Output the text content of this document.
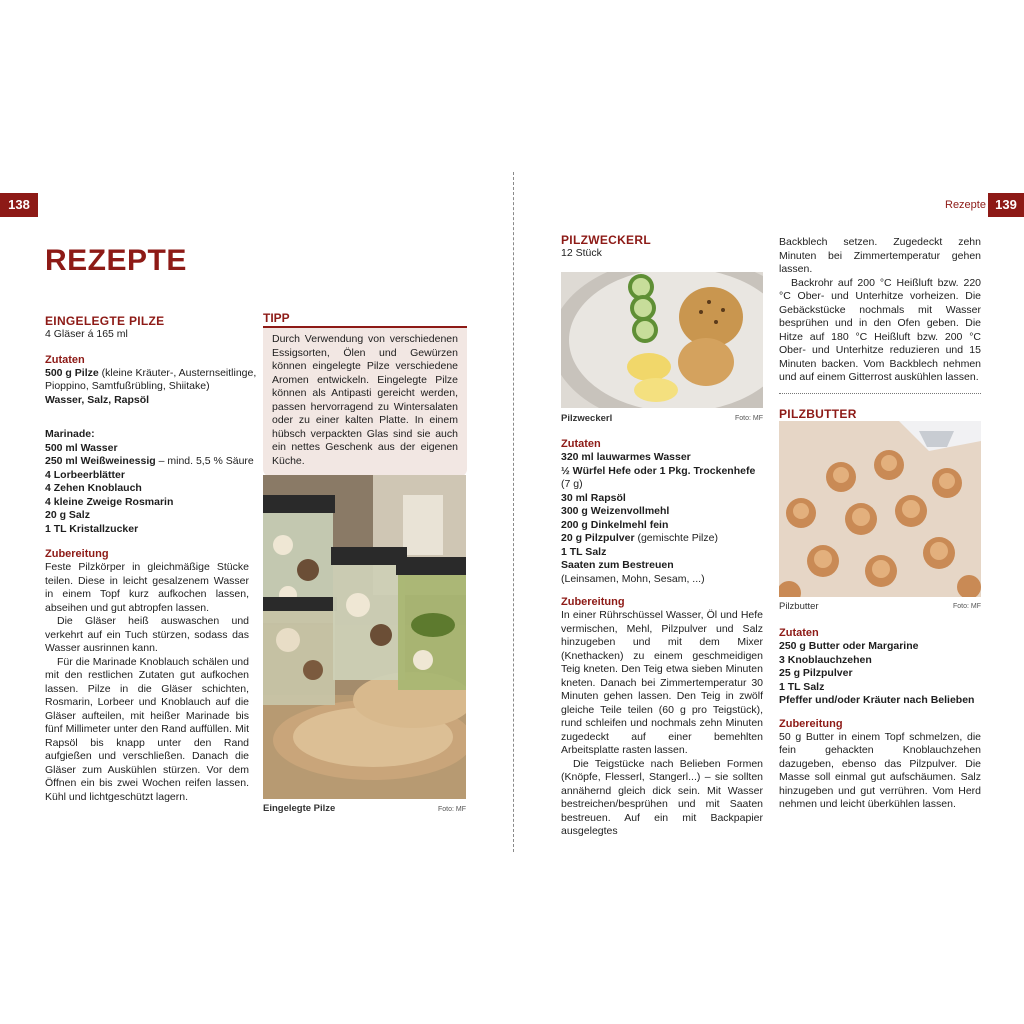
138	139
Rezepte
REZEPTE
EINGELEGTE PILZE

4 Gläser á 165 ml

Zutaten

500 g Pilze (kleine Kräuter-, Austernseitlinge,
Pioppino, Samtfußrübling, Shiitake)
Wasser, Salz, Rapsöl
Marinade:
500 ml Wasser
250 ml Weißweinessig – mind. 5,5 % Säure
4 Lorbeerblätter
4 Zehen Knoblauch
4 kleine Zweige Rosmarin
20 g Salz
1 TL Kristallzucker

Zubereitung

Feste Pilzkörper in gleichmäßige Stücke teilen. Diese in leicht gesalzenem Wasser in einem Topf kurz aufkochen lassen, abseihen und gut abtropfen lassen.

Die Gläser heiß auswaschen und verkehrt auf ein Tuch stürzen, sodass das Wasser ausrinnen kann.

Für die Marinade Knoblauch schälen und mit den restlichen Zutaten gut aufkochen lassen. Pilze in die Gläser schichten, Rosmarin, Lorbeer und Knoblauch auf die Gläser aufteilen, mit heißer Marinade bis fünf Millimeter unter den Rand auffüllen. Mit Rapsöl bis knapp unter den Rand aufgießen und verschließen. Danach die Gläser zum Auskühlen stürzen. Vor dem Öffnen ein bis zwei Wochen reifen lassen. Kühl und lichtgeschützt lagern.

TIPP

Durch Verwendung von verschiedenen Essigsorten, Ölen und Gewürzen können eingelegte Pilze verschiedene Aromen entwickeln. Eingelegte Pilze können als Antipasti gereicht werden, passen hervorragend zu Wintersalaten oder zu einer kalten Platte. In einem hübsch verpackten Glas sind sie auch ein nettes Geschenk aus der eigenen Küche.
Eingelegte Pilze	Foto: MF
PILZWECKERL

12 Stück

Pilzweckerl	Foto: MF

Zutaten

320 ml lauwarmes Wasser
½ Würfel Hefe oder 1 Pkg. Trockenhefe
(7 g)
30 ml Rapsöl
300 g Weizenvollmehl
200 g Dinkelmehl fein
20 g Pilzpulver (gemischte Pilze)
1 TL Salz
Saaten zum Bestreuen
(Leinsamen, Mohn, Sesam, ...)

Zubereitung

In einer Rührschüssel Wasser, Öl und Hefe vermischen, Mehl, Pilzpulver und Salz hinzugeben und mit dem Mixer (Knethacken) zu einem geschmeidigen Teig kneten. Den Teig etwa sieben Minuten kneten. Danach bei Zimmertemperatur 30 Minuten gehen lassen. Den Teig in zwölf gleiche Teile teilen (60 g pro Teigstück), rund schleifen und nochmals zehn Minuten zugedeckt auf einer bemehlten Arbeitsplatte rasten lassen.

Die Teigstücke nach Belieben Formen (Knöpfe, Flesserl, Stangerl...) – sie sollten annähernd gleich dick sein. Mit Wasser bestreichen/besprühen und mit Saaten bestreuen. Auf ein mit Backpapier ausgelegtes

Backblech setzen. Zugedeckt zehn Minuten bei Zimmertemperatur gehen lassen.

Backrohr auf 200 °C Heißluft bzw. 220 °C Ober- und Unterhitze vorheizen. Die Gebäckstücke nochmals mit Wasser besprühen und in den Ofen geben. Die Hitze auf 180 °C Heißluft bzw. 200 °C Ober- und Unterhitze reduzieren und 15 Minuten backen. Vom Backblech nehmen und auf einem Gitterrost auskühlen lassen.

PILZBUTTER
Pilzbutter	Foto: MF

Zutaten

250 g Butter oder Margarine
3 Knoblauchzehen
25 g Pilzpulver
1 TL Salz
Pfeffer und/oder Kräuter nach Belieben

Zubereitung

50 g Butter in einem Topf schmelzen, die fein gehackten Knoblauchzehen dazugeben, ebenso das Pilzpulver. Die Masse soll einmal gut aufschäumen. Salz hinzugeben und gut verrühren. Vom Herd nehmen und leicht überkühlen lassen.
